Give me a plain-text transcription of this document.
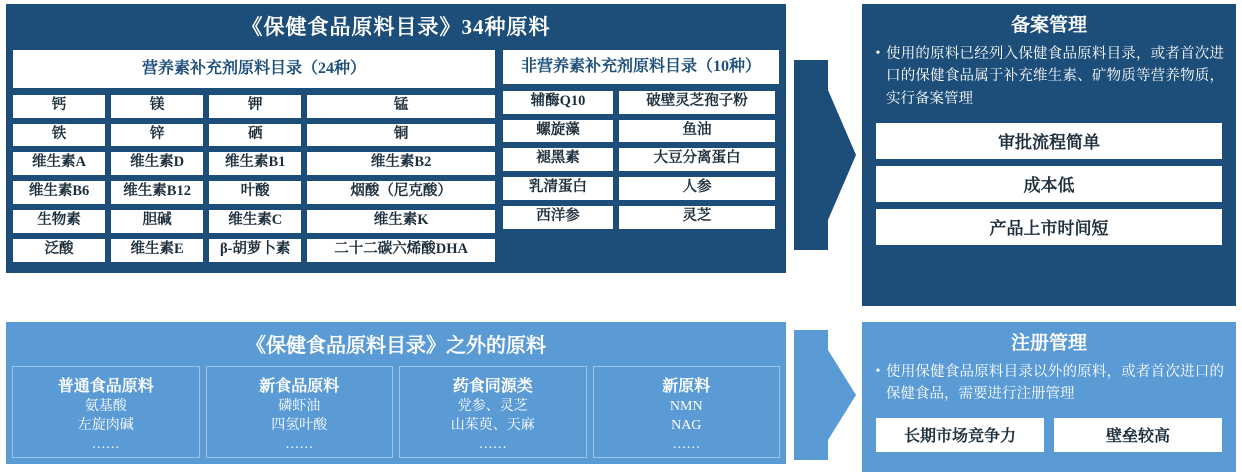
《保健食品原料目录》34种原料
营养素补充剂原料目录（24种）
钙	镁	钾	锰
铁	锌	硒	铜
维生素A	维生素D	维生素B1	维生素B2
维生素B6	维生素B12	叶酸	烟酸（尼克酸）
生物素	胆碱	维生素C	维生素K
泛酸	维生素E	β-胡萝卜素	二十二碳六烯酸DHA
非营养素补充剂原料目录（10种）
辅酶Q10	破壁灵芝孢子粉
螺旋藻	鱼油
褪黑素	大豆分离蛋白
乳清蛋白	人参
西洋参	灵芝
《保健食品原料目录》之外的原料
普通食品原料
氨基酸
左旋肉碱
……
新食品原料
磷虾油
四氢叶酸
……
药食同源类
党参、灵芝
山茱萸、天麻
……
新原料
NMN
NAG
……
备案管理
• 使用的原料已经列入保健食品原料目录，或者首次进口的保健食品属于补充维生素、矿物质等营养物质，实行备案管理
审批流程简单
成本低
产品上市时间短
注册管理
• 使用保健食品原料目录以外的原料，或者首次进口的保健食品，需要进行注册管理
长期市场竞争力	壁垒较高
